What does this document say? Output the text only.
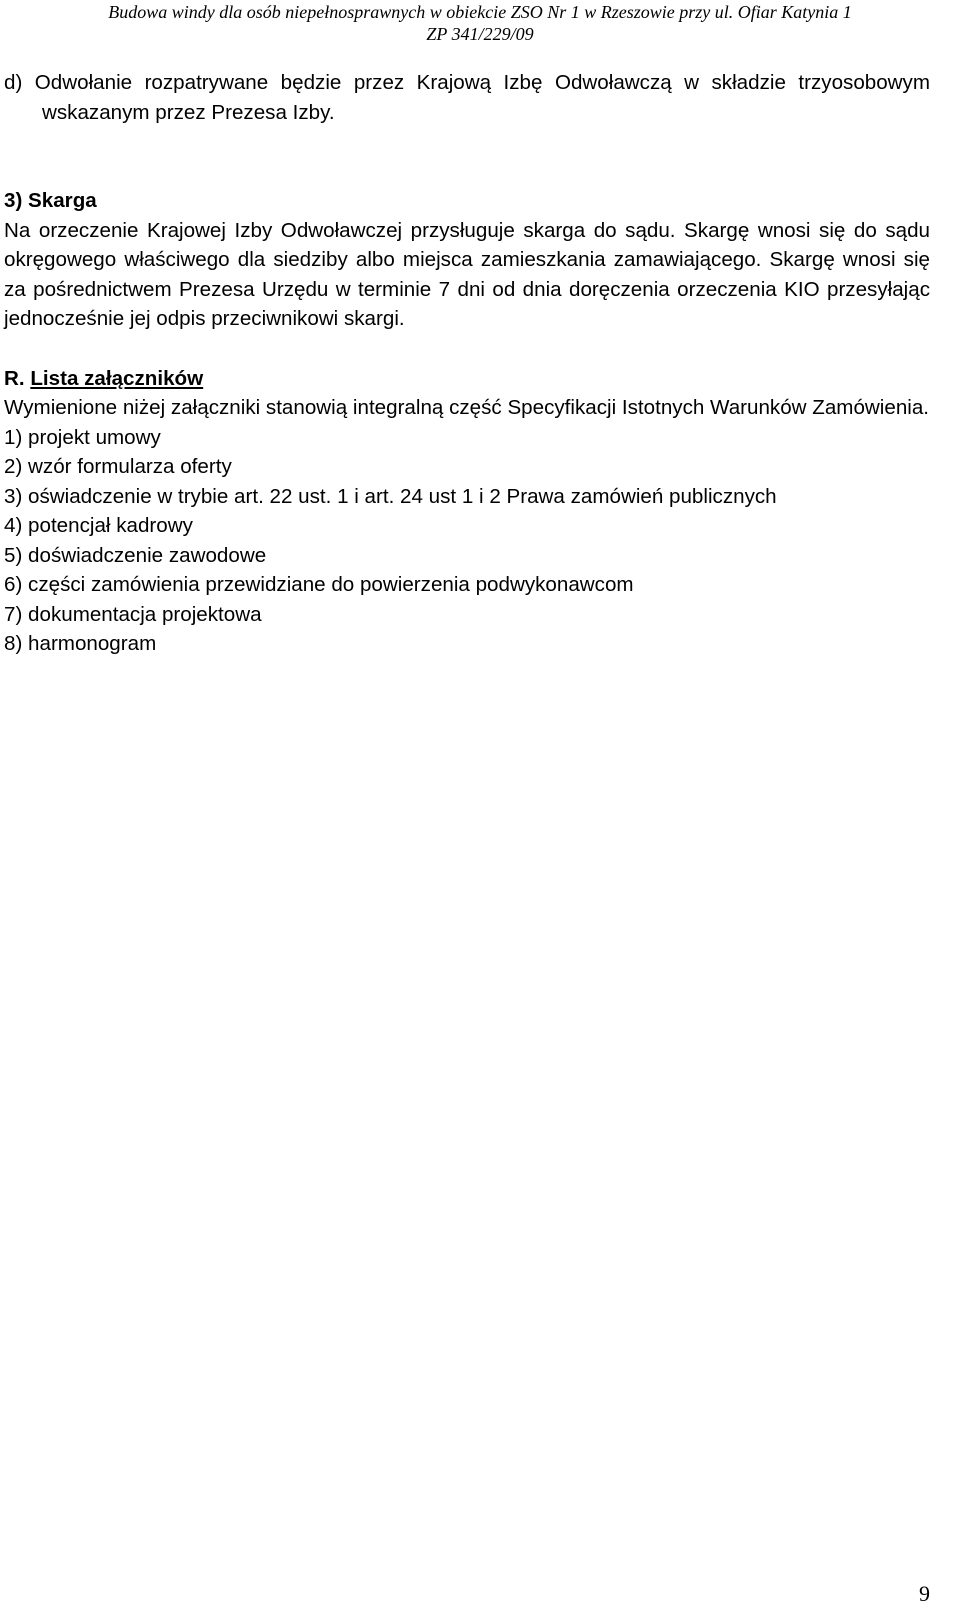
Budowa windy dla osób niepełnosprawnych w obiekcie ZSO Nr 1 w Rzeszowie przy ul. Ofiar Katynia 1
ZP 341/229/09

d) Odwołanie rozpatrywane będzie przez Krajową Izbę Odwoławczą w składzie trzyosobowym wskazanym przez Prezesa Izby.

3) Skarga

Na orzeczenie Krajowej Izby Odwoławczej przysługuje skarga do sądu. Skargę wnosi się do sądu okręgowego właściwego dla siedziby albo miejsca zamieszkania zamawiającego. Skargę wnosi się za pośrednictwem Prezesa Urzędu w terminie 7 dni od dnia doręczenia orzeczenia KIO przesyłając jednocześnie jej odpis przeciwnikowi skargi.

R. Lista załączników

Wymienione niżej załączniki stanowią integralną część Specyfikacji Istotnych Warunków Zamówienia.

1) projekt umowy
2) wzór formularza oferty
3) oświadczenie w trybie art. 22 ust. 1 i art. 24 ust 1 i 2 Prawa zamówień publicznych
4) potencjał kadrowy
5) doświadczenie zawodowe
6) części zamówienia przewidziane do powierzenia podwykonawcom
7) dokumentacja projektowa
8) harmonogram
9
